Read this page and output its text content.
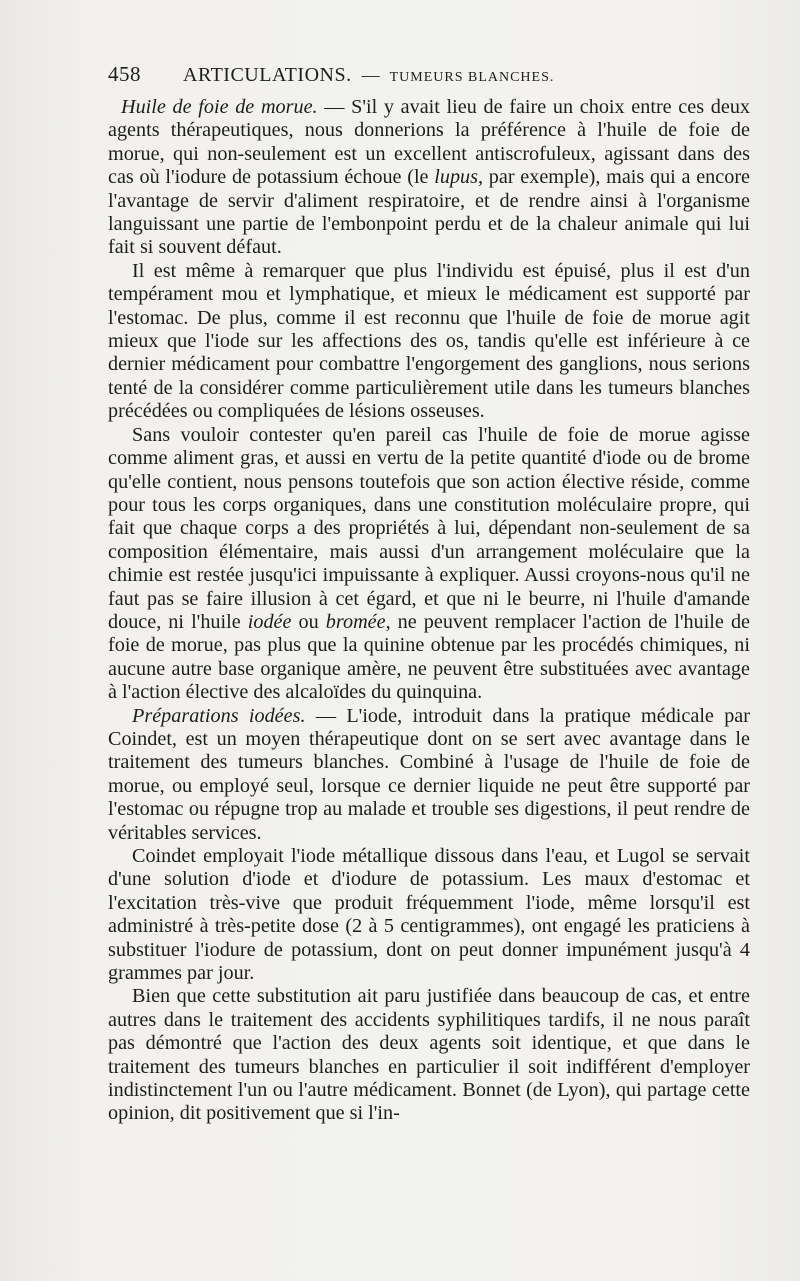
458 ARTICULATIONS. — TUMEURS BLANCHES.

Huile de foie de morue. — S'il y avait lieu de faire un choix entre ces deux agents thérapeutiques, nous donnerions la préférence à l'huile de foie de morue, qui non-seulement est un excellent antiscrofuleux, agissant dans des cas où l'iodure de potassium échoue (le lupus, par exemple), mais qui a encore l'avantage de servir d'aliment respiratoire, et de rendre ainsi à l'organisme languissant une partie de l'embonpoint perdu et de la chaleur animale qui lui fait si souvent défaut.

Il est même à remarquer que plus l'individu est épuisé, plus il est d'un tempérament mou et lymphatique, et mieux le médicament est supporté par l'estomac. De plus, comme il est reconnu que l'huile de foie de morue agit mieux que l'iode sur les affections des os, tandis qu'elle est inférieure à ce dernier médicament pour combattre l'engorgement des ganglions, nous serions tenté de la considérer comme particulièrement utile dans les tumeurs blanches précédées ou compliquées de lésions osseuses.

Sans vouloir contester qu'en pareil cas l'huile de foie de morue agisse comme aliment gras, et aussi en vertu de la petite quantité d'iode ou de brome qu'elle contient, nous pensons toutefois que son action élective réside, comme pour tous les corps organiques, dans une constitution moléculaire propre, qui fait que chaque corps a des propriétés à lui, dépendant non-seulement de sa composition élémentaire, mais aussi d'un arrangement moléculaire que la chimie est restée jusqu'ici impuissante à expliquer. Aussi croyons-nous qu'il ne faut pas se faire illusion à cet égard, et que ni le beurre, ni l'huile d'amande douce, ni l'huile iodée ou bromée, ne peuvent remplacer l'action de l'huile de foie de morue, pas plus que la quinine obtenue par les procédés chimiques, ni aucune autre base organique amère, ne peuvent être substituées avec avantage à l'action élective des alcaloïdes du quinquina.

Préparations iodées. — L'iode, introduit dans la pratique médicale par Coindet, est un moyen thérapeutique dont on se sert avec avantage dans le traitement des tumeurs blanches. Combiné à l'usage de l'huile de foie de morue, ou employé seul, lorsque ce dernier liquide ne peut être supporté par l'estomac ou répugne trop au malade et trouble ses digestions, il peut rendre de véritables services.

Coindet employait l'iode métallique dissous dans l'eau, et Lugol se servait d'une solution d'iode et d'iodure de potassium. Les maux d'estomac et l'excitation très-vive que produit fréquemment l'iode, même lorsqu'il est administré à très-petite dose (2 à 5 centigrammes), ont engagé les praticiens à substituer l'iodure de potassium, dont on peut donner impunément jusqu'à 4 grammes par jour.

Bien que cette substitution ait paru justifiée dans beaucoup de cas, et entre autres dans le traitement des accidents syphilitiques tardifs, il ne nous paraît pas démontré que l'action des deux agents soit identique, et que dans le traitement des tumeurs blanches en particulier il soit indifférent d'employer indistinctement l'un ou l'autre médicament. Bonnet (de Lyon), qui partage cette opinion, dit positivement que si l'in-
